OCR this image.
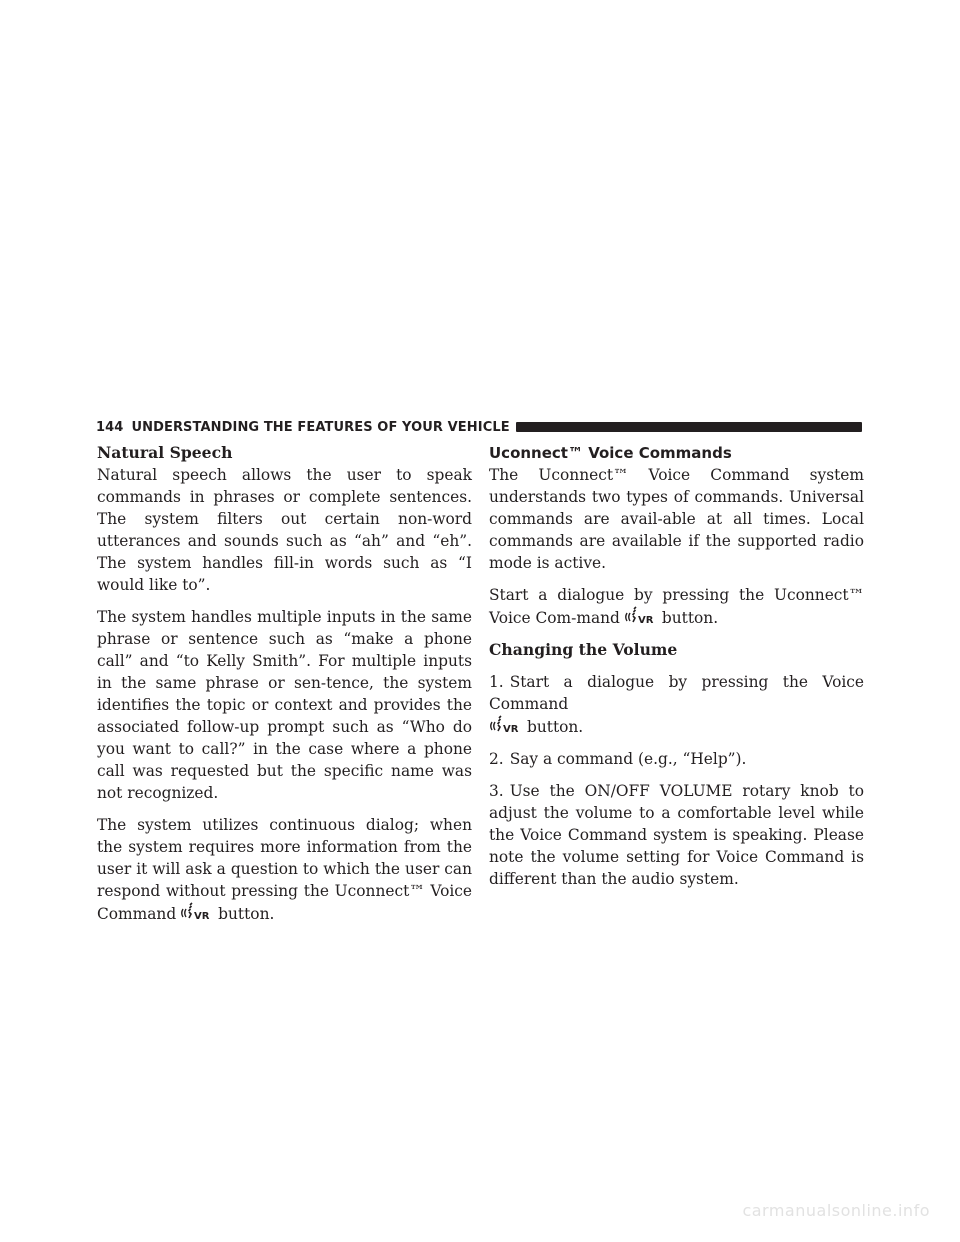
144 UNDERSTANDING THE FEATURES OF YOUR VEHICLE
Natural Speech

Natural speech allows the user to speak commands in phrases or complete sentences. The system filters out certain non-word utterances and sounds such as “ah” and “eh”. The system handles fill-in words such as “I would like to”.

The system handles multiple inputs in the same phrase or sentence such as “make a phone call” and “to Kelly Smith”. For multiple inputs in the same phrase or sen-tence, the system identifies the topic or context and provides the associated follow-up prompt such as “Who do you want to call?” in the case where a phone call was requested but the specific name was not recognized.

The system utilizes continuous dialog; when the system requires more information from the user it will ask a question to which the user can respond without pressing the Uconnect™ Voice Command VR button.

Uconnect™ Voice Commands

The Uconnect™ Voice Command system understands two types of commands. Universal commands are avail-able at all times. Local commands are available if the supported radio mode is active.

Start a dialogue by pressing the Uconnect™ Voice Com-mand VR button.

Changing the Volume

1. Start a dialogue by pressing the Voice Command

VR button.

2. Say a command (e.g., “Help”).

3. Use the ON/OFF VOLUME rotary knob to adjust the volume to a comfortable level while the Voice Command system is speaking. Please note the volume setting for Voice Command is different than the audio system.

carmanualsonline.info
